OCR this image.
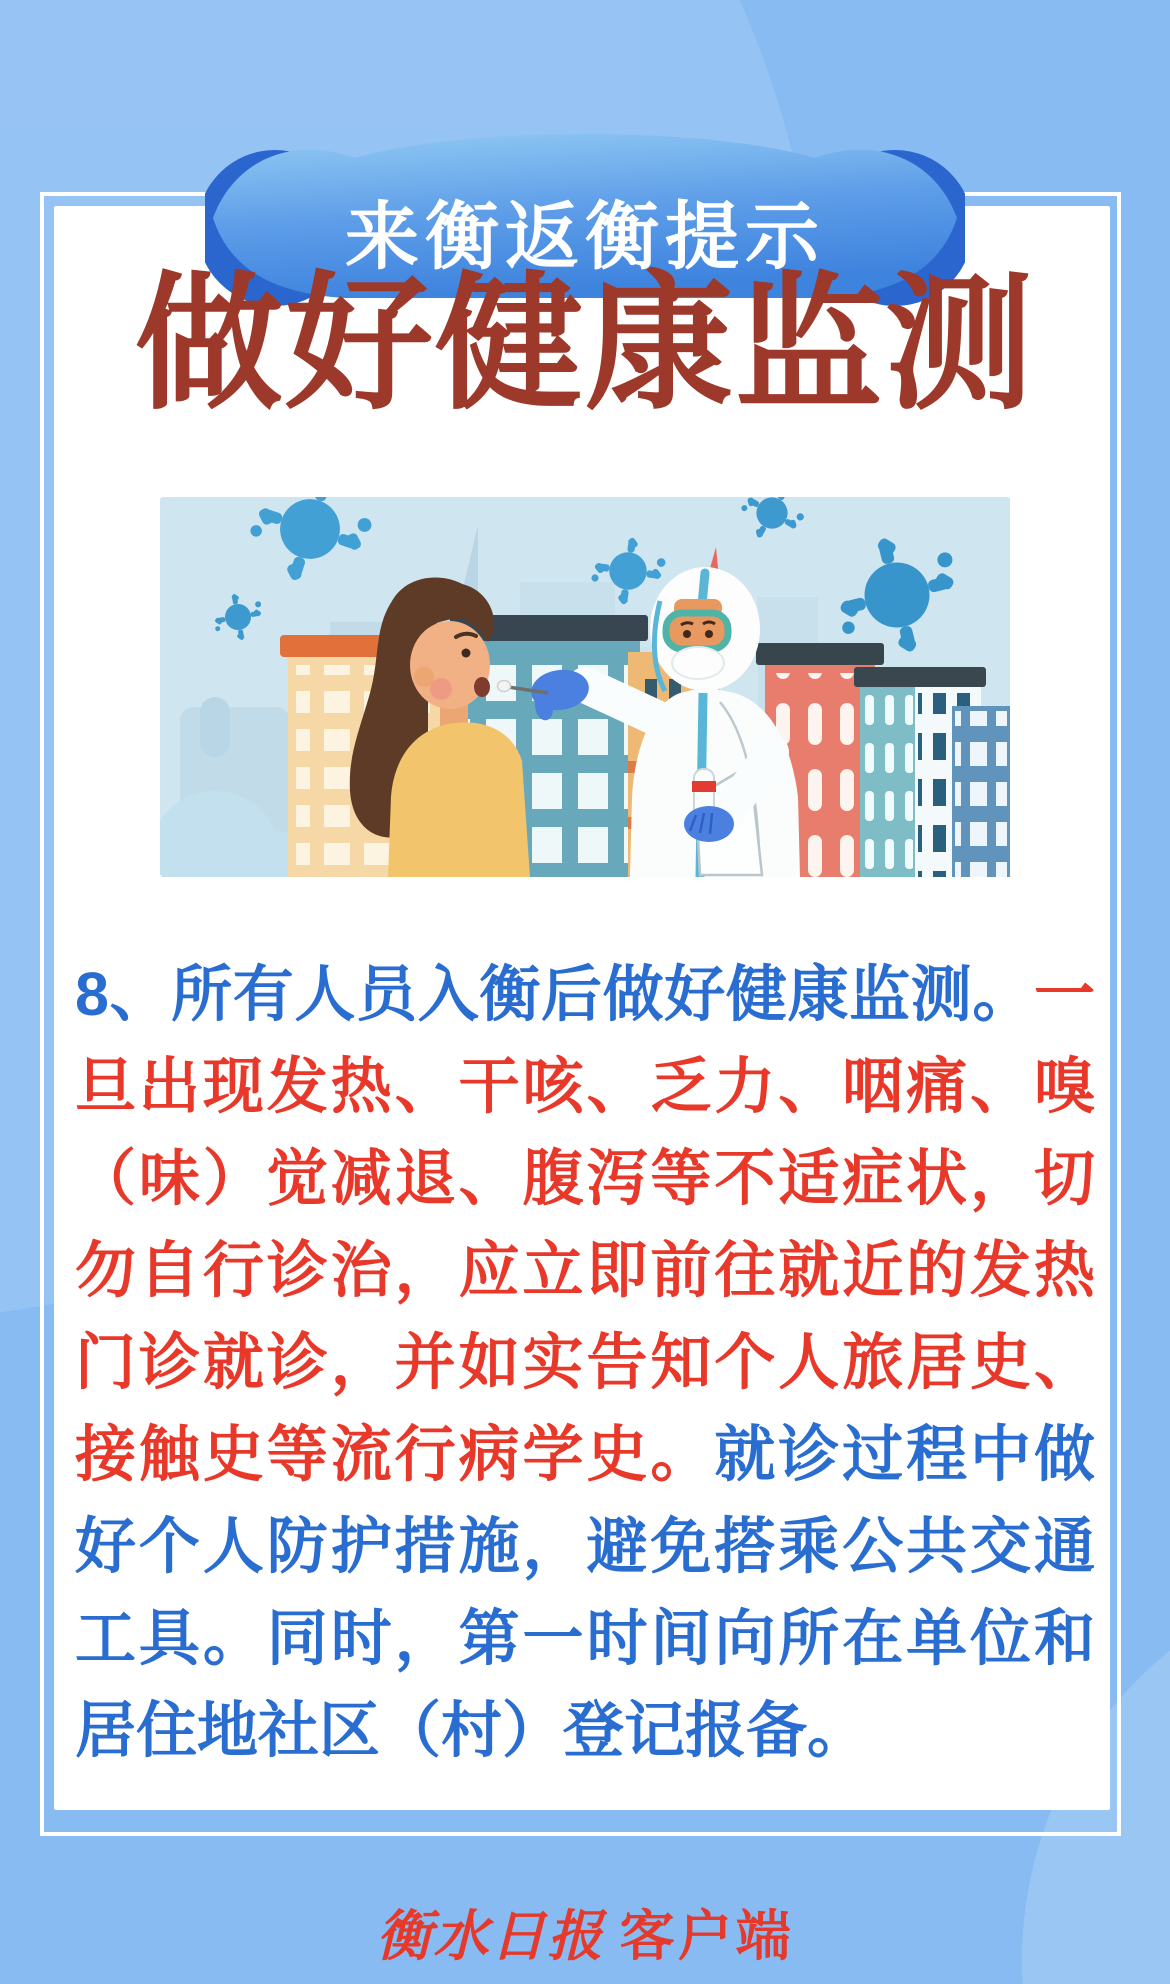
来衡返衡提示
做好健康监测
8、所有人员入衡后做好健康监测。一
旦出现发热、干咳、乏力、咽痛、嗅
（味）觉减退、腹泻等不适症状，切
勿自行诊治，应立即前往就近的发热
门诊就诊，并如实告知个人旅居史、
接触史等流行病学史。就诊过程中做
好个人防护措施，避免搭乘公共交通
工具。同时，第一时间向所在单位和
居住地社区（村）登记报备。
衡水日报 客户端
